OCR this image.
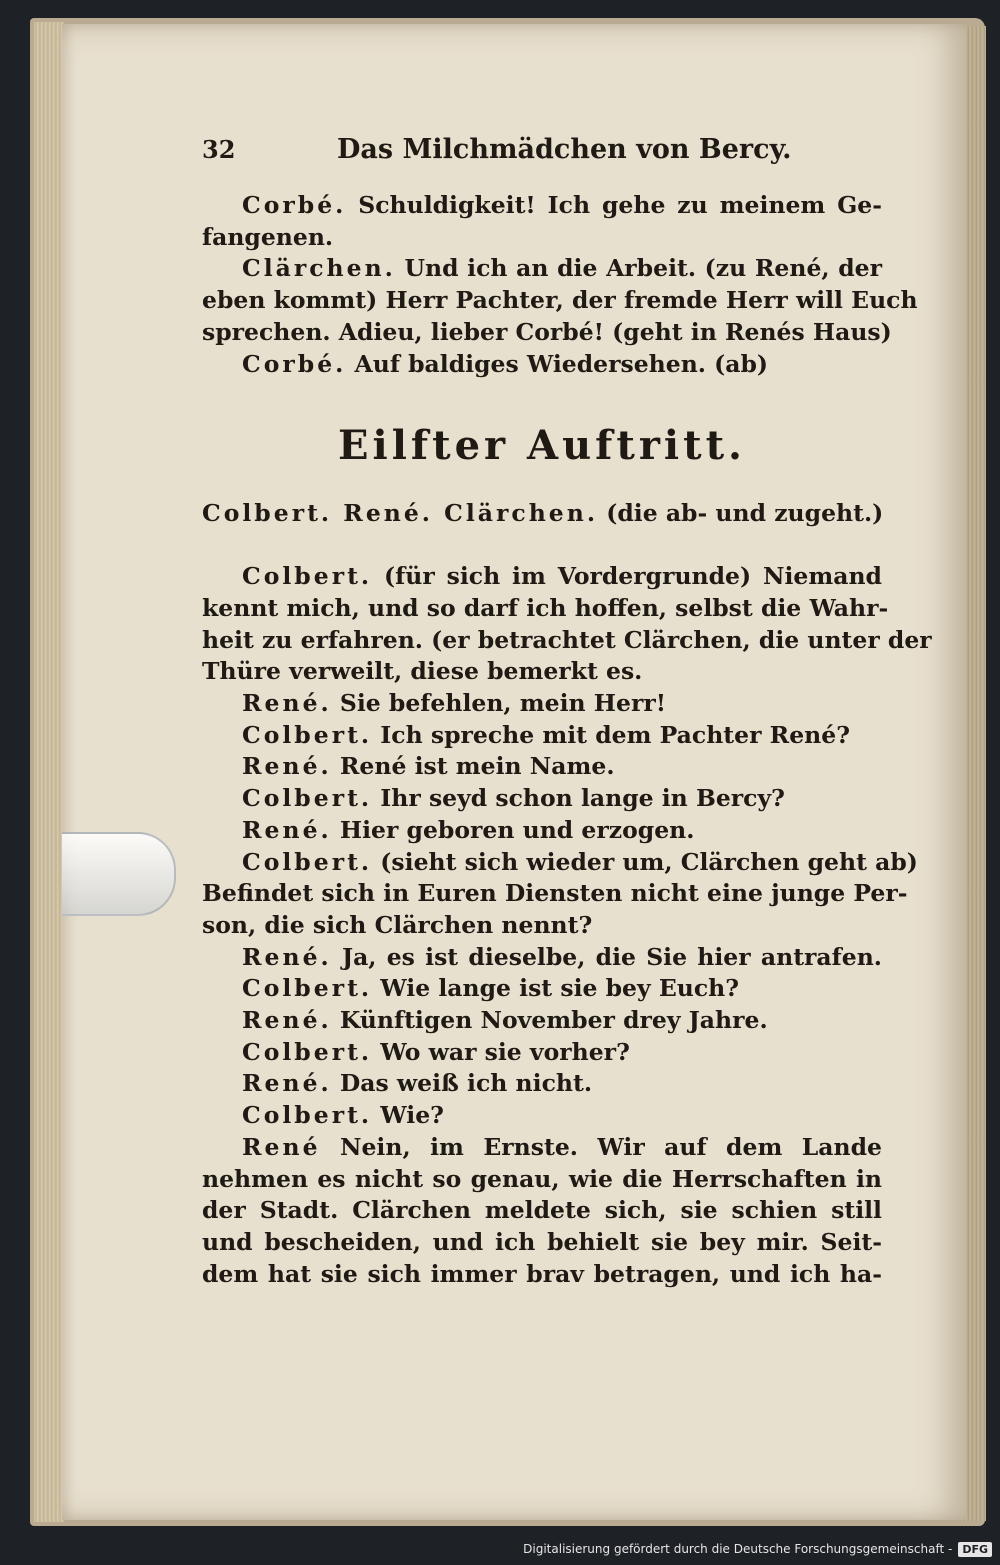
32	Das Milchmädchen von Bercy.
Corbé. Schuldigkeit! Ich gehe zu meinem Ge-
fangenen.
Clärchen. Und ich an die Arbeit. (zu René, der
eben kommt) Herr Pachter, der fremde Herr will Euch
sprechen. Adieu, lieber Corbé! (geht in Renés Haus)
Corbé. Auf baldiges Wiedersehen. (ab)
Eilfter Auftritt.
Colbert. René. Clärchen. (die ab- und zugeht.)
Colbert. (für sich im Vordergrunde) Niemand
kennt mich, und so darf ich hoffen, selbst die Wahr-
heit zu erfahren. (er betrachtet Clärchen, die unter der
Thüre verweilt, diese bemerkt es.
René. Sie befehlen, mein Herr!
Colbert. Ich spreche mit dem Pachter René?
René. René ist mein Name.
Colbert. Ihr seyd schon lange in Bercy?
René. Hier geboren und erzogen.
Colbert. (sieht sich wieder um, Clärchen geht ab)
Befindet sich in Euren Diensten nicht eine junge Per-
son, die sich Clärchen nennt?
René. Ja, es ist dieselbe, die Sie hier antrafen.
Colbert. Wie lange ist sie bey Euch?
René. Künftigen November drey Jahre.
Colbert. Wo war sie vorher?
René. Das weiß ich nicht.
Colbert. Wie?
René Nein, im Ernste. Wir auf dem Lande
nehmen es nicht so genau, wie die Herrschaften in
der Stadt. Clärchen meldete sich, sie schien still
und bescheiden, und ich behielt sie bey mir. Seit-
dem hat sie sich immer brav betragen, und ich ha-
Digitalisierung gefördert durch die Deutsche Forschungsgemeinschaft - DFG
